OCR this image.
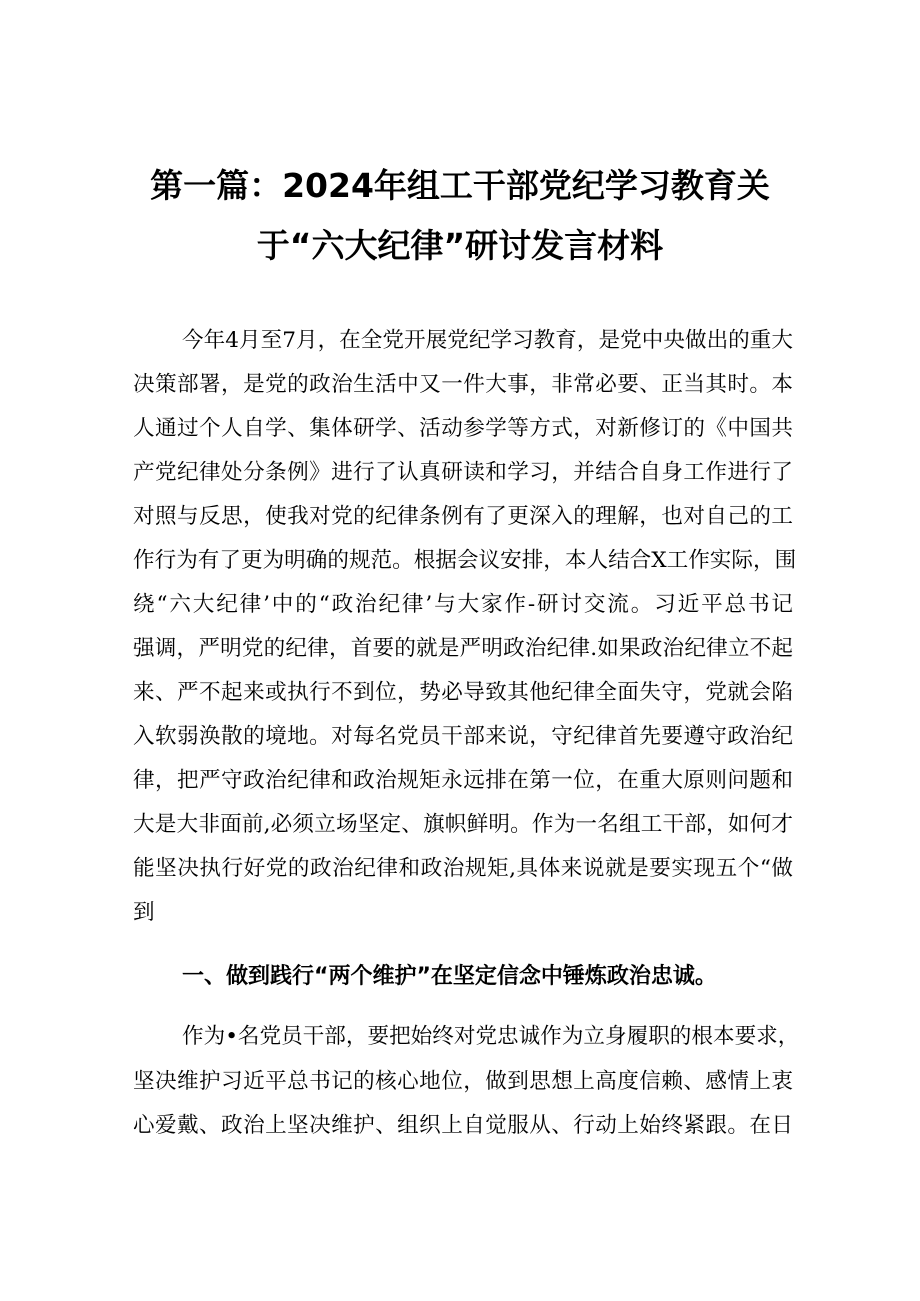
第一篇：2024年组工干部党纪学习教育关
于“六大纪律”研讨发言材料
今年4月至7月，在全党开展党纪学习教育，是党中央做出的重大
决策部署，是党的政治生活中又一件大事，非常必要、正当其时。本
人通过个人自学、集体研学、活动参学等方式，对新修订的《中国共
产党纪律处分条例》进行了认真研读和学习，并结合自身工作进行了
对照与反思，使我对党的纪律条例有了更深入的理解，也对自己的工
作行为有了更为明确的规范。根据会议安排，本人结合X工作实际，围
绕“六大纪律’中的“政治纪律’与大家作-研讨交流。习近平总书记
强调，严明党的纪律，首要的就是严明政治纪律.如果政治纪律立不起
来、严不起来或执行不到位，势必导致其他纪律全面失守，党就会陷
入软弱涣散的境地。对每名党员干部来说，守纪律首先要遵守政治纪
律，把严守政治纪律和政治规矩永远排在第一位，在重大原则问题和
大是大非面前,必须立场坚定、旗帜鲜明。作为一名组工干部，如何才
能坚决执行好党的政治纪律和政治规矩,具体来说就是要实现五个“做
到
一、做到践行“两个维护”在坚定信念中锤炼政治忠诚。
作为•名党员干部，要把始终对党忠诚作为立身履职的根本要求，
坚决维护习近平总书记的核心地位，做到思想上高度信赖、感情上衷
心爱戴、政治上坚决维护、组织上自觉服从、行动上始终紧跟。在日
